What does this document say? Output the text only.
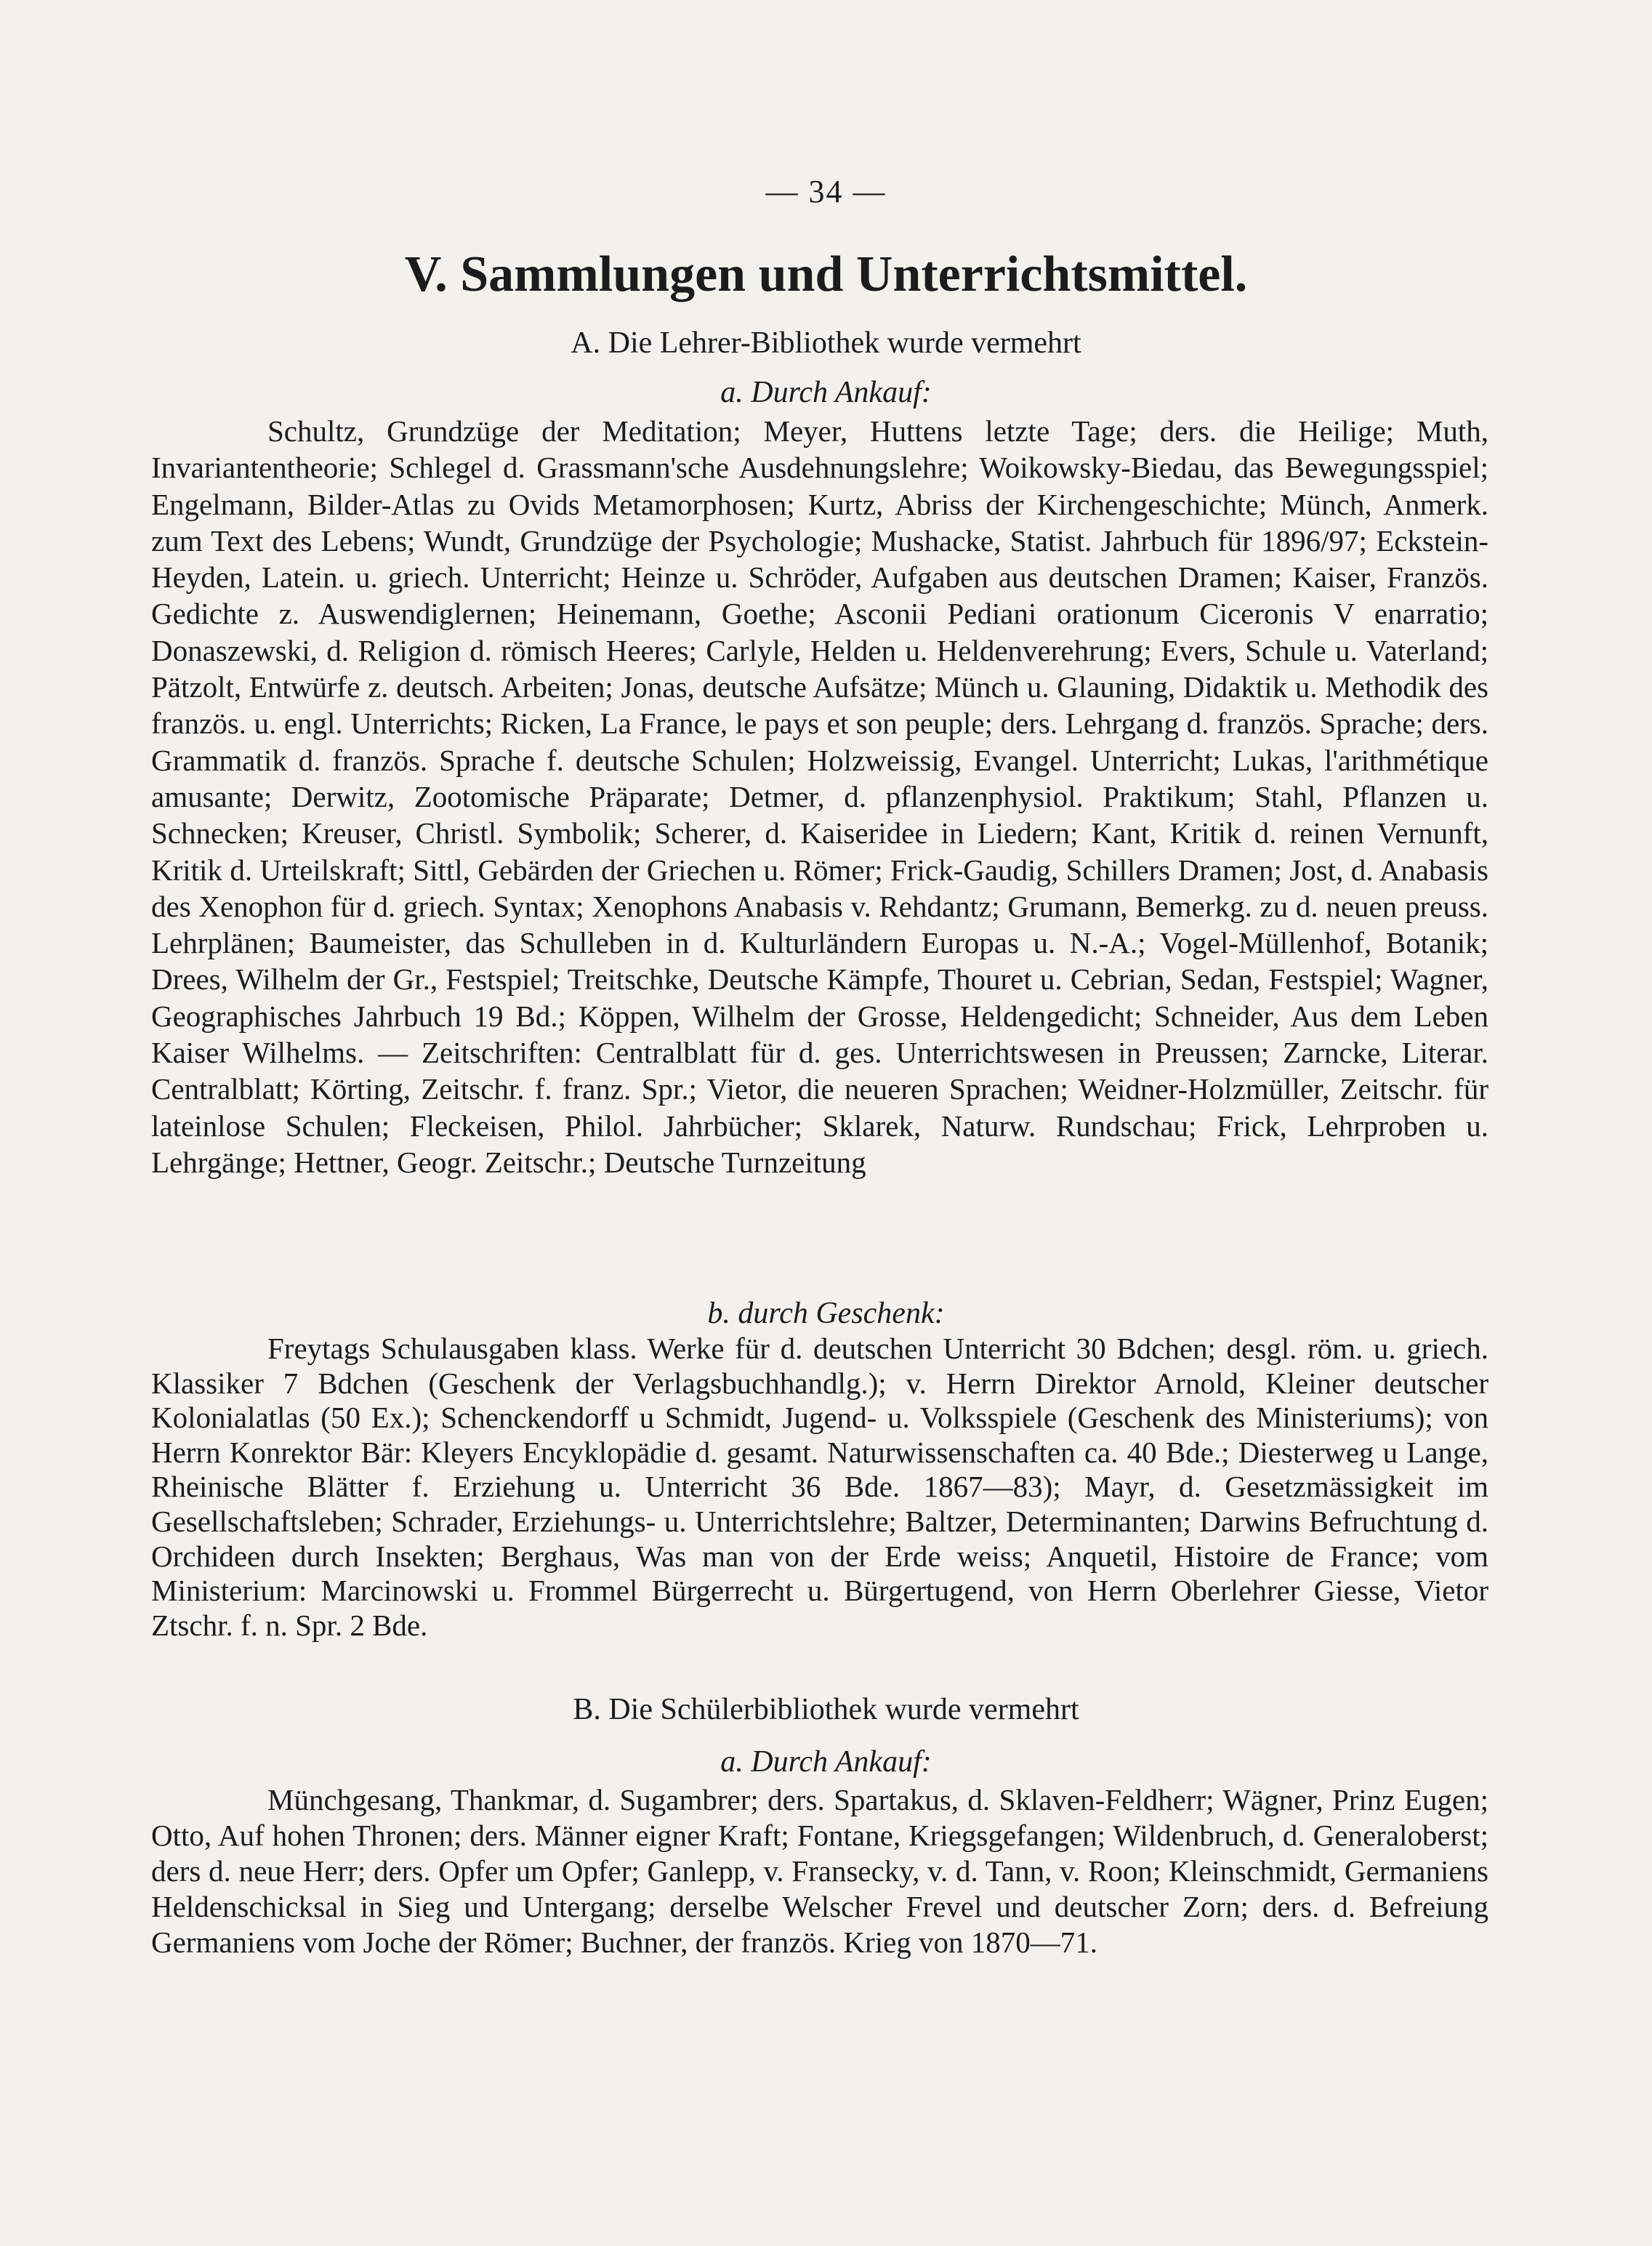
— 34 —
V. Sammlungen und Unterrichtsmittel.
A. Die Lehrer-Bibliothek wurde vermehrt
a. Durch Ankauf:
Schultz, Grundzüge der Meditation; Meyer, Huttens letzte Tage; ders. die Heilige; Muth, Invariantentheorie; Schlegel d. Grassmann'sche Ausdehnungslehre; Woikowsky-Biedau, das Bewegungsspiel; Engelmann, Bilder-Atlas zu Ovids Metamorphosen; Kurtz, Abriss der Kirchengeschichte; Münch, Anmerk. zum Text des Lebens; Wundt, Grundzüge der Psychologie; Mushacke, Statist. Jahrbuch für 1896/97; Eckstein-Heyden, Latein. u. griech. Unterricht; Heinze u. Schröder, Aufgaben aus deutschen Dramen; Kaiser, Französ. Gedichte z. Auswendiglernen; Heinemann, Goethe; Asconii Pediani orationum Ciceronis V enarratio; Donaszewski, d. Religion d. römisch Heeres; Carlyle, Helden u. Heldenverehrung; Evers, Schule u. Vaterland; Pätzolt, Entwürfe z. deutsch. Arbeiten; Jonas, deutsche Aufsätze; Münch u. Glauning, Didaktik u. Methodik des französ. u. engl. Unterrichts; Ricken, La France, le pays et son peuple; ders. Lehrgang d. französ. Sprache; ders. Grammatik d. französ. Sprache f. deutsche Schulen; Holzweissig, Evangel. Unterricht; Lukas, l'arithmétique amusante; Derwitz, Zootomische Präparate; Detmer, d. pflanzenphysiol. Praktikum; Stahl, Pflanzen u. Schnecken; Kreuser, Christl. Symbolik; Scherer, d. Kaiseridee in Liedern; Kant, Kritik d. reinen Vernunft, Kritik d. Urteilskraft; Sittl, Gebärden der Griechen u. Römer; Frick-Gaudig, Schillers Dramen; Jost, d. Anabasis des Xenophon für d. griech. Syntax; Xenophons Anabasis v. Rehdantz; Grumann, Bemerkg. zu d. neuen preuss. Lehrplänen; Baumeister, das Schulleben in d. Kulturländern Europas u. N.-A.; Vogel-Müllenhof, Botanik; Drees, Wilhelm der Gr., Festspiel; Treitschke, Deutsche Kämpfe, Thouret u. Cebrian, Sedan, Festspiel; Wagner, Geographisches Jahrbuch 19 Bd.; Köppen, Wilhelm der Grosse, Heldengedicht; Schneider, Aus dem Leben Kaiser Wilhelms. — Zeitschriften: Centralblatt für d. ges. Unterrichtswesen in Preussen; Zarncke, Literar. Centralblatt; Körting, Zeitschr. f. franz. Spr.; Vietor, die neueren Sprachen; Weidner-Holzmüller, Zeitschr. für lateinlose Schulen; Fleckeisen, Philol. Jahrbücher; Sklarek, Naturw. Rundschau; Frick, Lehrproben u. Lehrgänge; Hettner, Geogr. Zeitschr.; Deutsche Turnzeitung
b. durch Geschenk:
Freytags Schulausgaben klass. Werke für d. deutschen Unterricht 30 Bdchen; desgl. röm. u. griech. Klassiker 7 Bdchen (Geschenk der Verlagsbuchhandlg.); v. Herrn Direktor Arnold, Kleiner deutscher Kolonialatlas (50 Ex.); Schenckendorff u Schmidt, Jugend- u. Volksspiele (Geschenk des Ministeriums); von Herrn Konrektor Bär: Kleyers Encyklopädie d. gesamt. Naturwissenschaften ca. 40 Bde.; Diesterweg u Lange, Rheinische Blätter f. Erziehung u. Unterricht 36 Bde. 1867—83); Mayr, d. Gesetzmässigkeit im Gesellschaftsleben; Schrader, Erziehungs- u. Unterrichtslehre; Baltzer, Determinanten; Darwins Befruchtung d. Orchideen durch Insekten; Berghaus, Was man von der Erde weiss; Anquetil, Histoire de France; vom Ministerium: Marcinowski u. Frommel Bürgerrecht u. Bürgertugend, von Herrn Oberlehrer Giesse, Vietor Ztschr. f. n. Spr. 2 Bde.
B. Die Schülerbibliothek wurde vermehrt
a. Durch Ankauf:
Münchgesang, Thankmar, d. Sugambrer; ders. Spartakus, d. Sklaven-Feldherr; Wägner, Prinz Eugen; Otto, Auf hohen Thronen; ders. Männer eigner Kraft; Fontane, Kriegsgefangen; Wildenbruch, d. Generaloberst; ders d. neue Herr; ders. Opfer um Opfer; Ganlepp, v. Fransecky, v. d. Tann, v. Roon; Kleinschmidt, Germaniens Heldenschicksal in Sieg und Untergang; derselbe Welscher Frevel und deutscher Zorn; ders. d. Befreiung Germaniens vom Joche der Römer; Buchner, der französ. Krieg von 1870—71.
